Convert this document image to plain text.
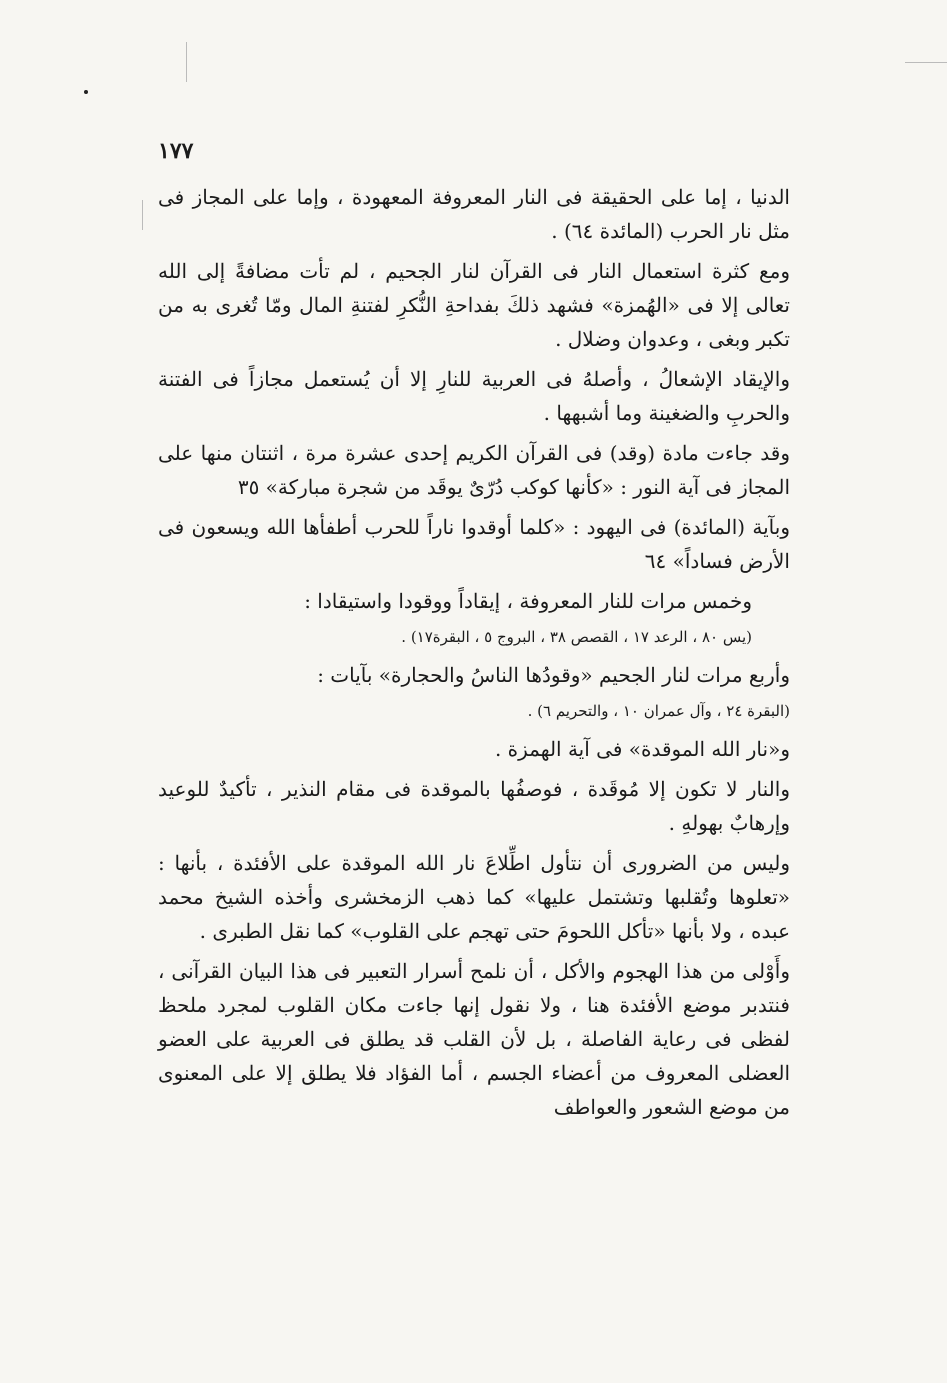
١٧٧

الدنيا ، إما على الحقيقة فى النار المعروفة المعهودة ، وإما على المجاز فى مثل نار الحرب (المائدة ٦٤) .

ومع كثرة استعمال النار فى القرآن لنار الجحيم ، لم تأت مضافةً إلى الله تعالى إلا فى «الهُمزة» فشهد ذلكَ بفداحةِ النُّكرِ لفتنةِ المال ومّا تُغرى به من تكبر وبغى ، وعدوان وضلال .

والإيقاد الإشعالُ ، وأصلهُ فى العربية للنارِ إلا أن يُستعمل مجازاً فى الفتنة والحربِ والضغينة وما أشبهها .

وقد جاءت مادة (وقد) فى القرآن الكريم إحدى عشرة مرة ، اثنتان منها على المجاز فى آية النور : «كأنها كوكب دُرّىٌ يوقَد من شجرة مباركة» ٣٥

وبآية (المائدة) فى اليهود : «كلما أوقدوا ناراً للحرب أطفأها الله ويسعون فى الأرض فساداً» ٦٤

وخمس مرات للنار المعروفة ، إيقاداً ووقودا واستيقادا :

(يس ٨٠ ، الرعد ١٧ ، القصص ٣٨ ، البروج ٥ ، البقرة١٧) .

وأربع مرات لنار الجحيم «وقودُها الناسُ والحجارة» بآيات :

(البقرة ٢٤ ، وآل عمران ١٠ ، والتحريم ٦) .

و«نار الله الموقدة» فى آية الهمزة .

والنار لا تكون إلا مُوقَدة ، فوصفُها بالموقدة فى مقام النذير ، تأكيدٌ للوعيد وإرهابٌ بهولهِ .

وليس من الضرورى أن نتأول اطِّلاعَ نار الله الموقدة على الأفئدة ، بأنها : «تعلوها وتُقلبها وتشتمل عليها» كما ذهب الزمخشرى وأخذه الشيخ محمد عبده ، ولا بأنها «تأكل اللحومَ حتى تهجم على القلوب» كما نقل الطبرى .

وأَوْلى من هذا الهجوم والأكل ، أن نلمح أسرار التعبير فى هذا البيان القرآنى ، فنتدبر موضع الأفئدة هنا ، ولا نقول إنها جاءت مكان القلوب لمجرد ملحظ لفظى فى رعاية الفاصلة ، بل لأن القلب قد يطلق فى العربية على العضو العضلى المعروف من أعضاء الجسم ، أما الفؤاد فلا يطلق إلا على المعنوى من موضع الشعور والعواطف
